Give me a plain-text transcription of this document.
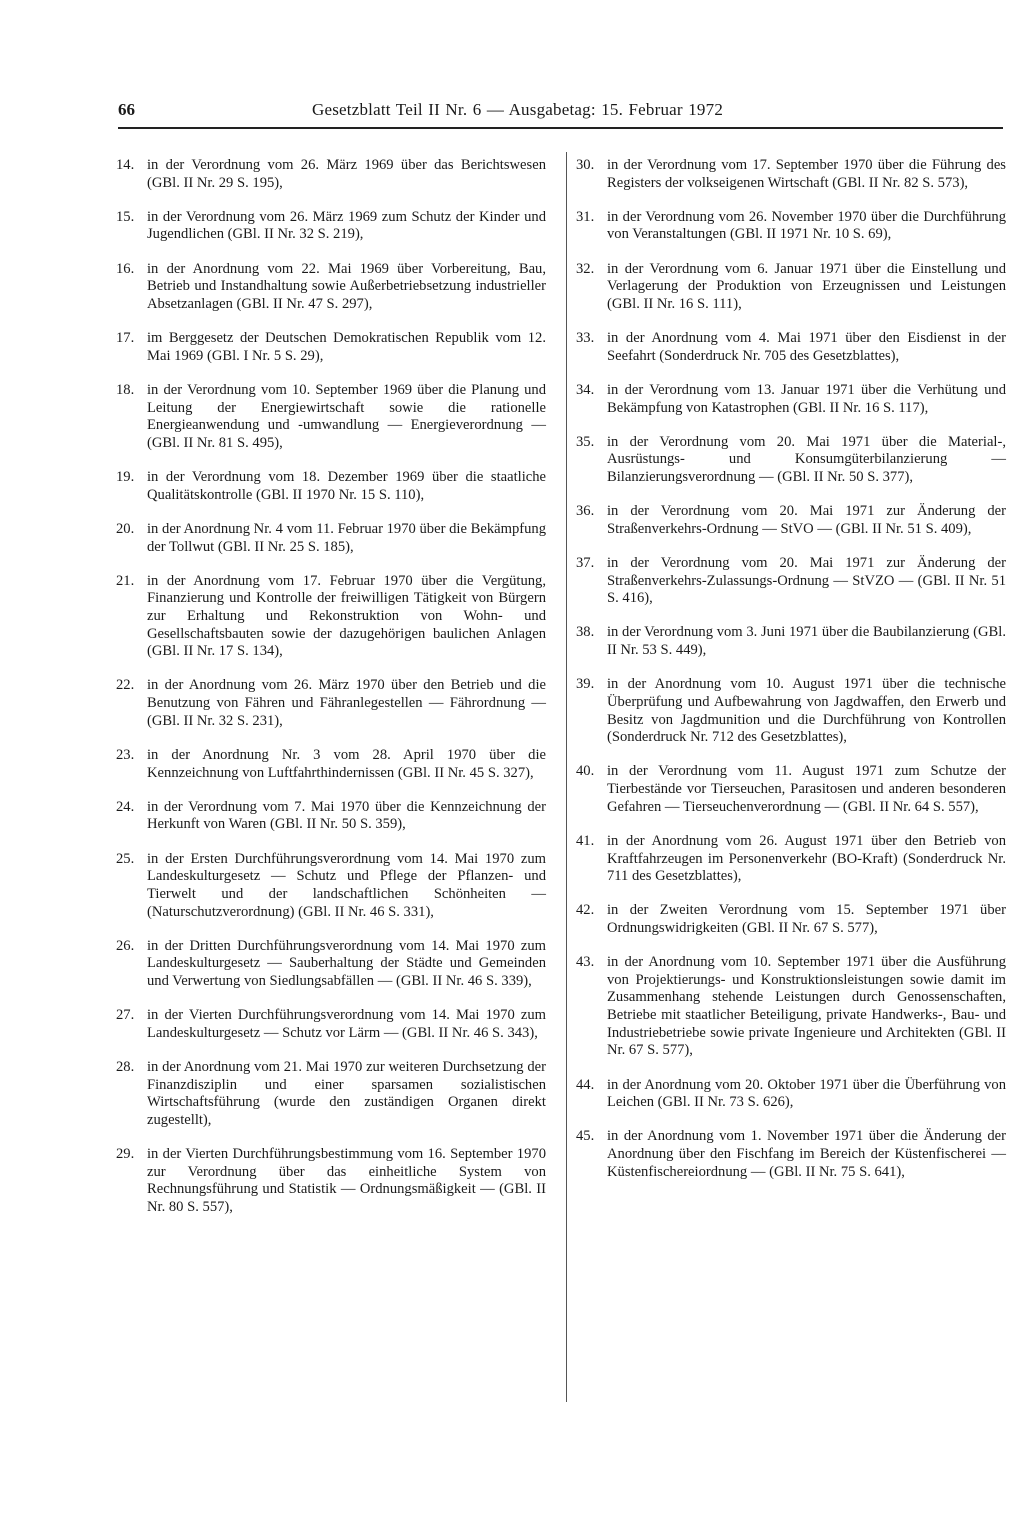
66	Gesetzblatt Teil II Nr. 6 — Ausgabetag: 15. Februar 1972
14. in der Verordnung vom 26. März 1969 über das Berichtswesen (GBl. II Nr. 29 S. 195),
15. in der Verordnung vom 26. März 1969 zum Schutz der Kinder und Jugendlichen (GBl. II Nr. 32 S. 219),
16. in der Anordnung vom 22. Mai 1969 über Vorbereitung, Bau, Betrieb und Instandhaltung sowie Außerbetriebsetzung industrieller Absetzanlagen (GBl. II Nr. 47 S. 297),
17. im Berggesetz der Deutschen Demokratischen Republik vom 12. Mai 1969 (GBl. I Nr. 5 S. 29),
18. in der Verordnung vom 10. September 1969 über die Planung und Leitung der Energiewirtschaft sowie die rationelle Energieanwendung und -umwandlung — Energieverordnung — (GBl. II Nr. 81 S. 495),
19. in der Verordnung vom 18. Dezember 1969 über die staatliche Qualitätskontrolle (GBl. II 1970 Nr. 15 S. 110),
20. in der Anordnung Nr. 4 vom 11. Februar 1970 über die Bekämpfung der Tollwut (GBl. II Nr. 25 S. 185),
21. in der Anordnung vom 17. Februar 1970 über die Vergütung, Finanzierung und Kontrolle der freiwilligen Tätigkeit von Bürgern zur Erhaltung und Rekonstruktion von Wohn- und Gesellschaftsbauten sowie der dazugehörigen baulichen Anlagen (GBl. II Nr. 17 S. 134),
22. in der Anordnung vom 26. März 1970 über den Betrieb und die Benutzung von Fähren und Fähranlegestellen — Fährordnung — (GBl. II Nr. 32 S. 231),
23. in der Anordnung Nr. 3 vom 28. April 1970 über die Kennzeichnung von Luftfahrthindernissen (GBl. II Nr. 45 S. 327),
24. in der Verordnung vom 7. Mai 1970 über die Kennzeichnung der Herkunft von Waren (GBl. II Nr. 50 S. 359),
25. in der Ersten Durchführungsverordnung vom 14. Mai 1970 zum Landeskulturgesetz — Schutz und Pflege der Pflanzen- und Tierwelt und der landschaftlichen Schönheiten — (Naturschutzverordnung) (GBl. II Nr. 46 S. 331),
26. in der Dritten Durchführungsverordnung vom 14. Mai 1970 zum Landeskulturgesetz — Sauberhaltung der Städte und Gemeinden und Verwertung von Siedlungsabfällen — (GBl. II Nr. 46 S. 339),
27. in der Vierten Durchführungsverordnung vom 14. Mai 1970 zum Landeskulturgesetz — Schutz vor Lärm — (GBl. II Nr. 46 S. 343),
28. in der Anordnung vom 21. Mai 1970 zur weiteren Durchsetzung der Finanzdisziplin und einer sparsamen sozialistischen Wirtschaftsführung (wurde den zuständigen Organen direkt zugestellt),
29. in der Vierten Durchführungsbestimmung vom 16. September 1970 zur Verordnung über das einheitliche System von Rechnungsführung und Statistik — Ordnungsmäßigkeit — (GBl. II Nr. 80 S. 557),
30. in der Verordnung vom 17. September 1970 über die Führung des Registers der volkseigenen Wirtschaft (GBl. II Nr. 82 S. 573),
31. in der Verordnung vom 26. November 1970 über die Durchführung von Veranstaltungen (GBl. II 1971 Nr. 10 S. 69),
32. in der Verordnung vom 6. Januar 1971 über die Einstellung und Verlagerung der Produktion von Erzeugnissen und Leistungen (GBl. II Nr. 16 S. 111),
33. in der Anordnung vom 4. Mai 1971 über den Eisdienst in der Seefahrt (Sonderdruck Nr. 705 des Gesetzblattes),
34. in der Verordnung vom 13. Januar 1971 über die Verhütung und Bekämpfung von Katastrophen (GBl. II Nr. 16 S. 117),
35. in der Verordnung vom 20. Mai 1971 über die Material-, Ausrüstungs- und Konsumgüterbilanzierung — Bilanzierungsverordnung — (GBl. II Nr. 50 S. 377),
36. in der Verordnung vom 20. Mai 1971 zur Änderung der Straßenverkehrs-Ordnung — StVO — (GBl. II Nr. 51 S. 409),
37. in der Verordnung vom 20. Mai 1971 zur Änderung der Straßenverkehrs-Zulassungs-Ordnung — StVZO — (GBl. II Nr. 51 S. 416),
38. in der Verordnung vom 3. Juni 1971 über die Baubilanzierung (GBl. II Nr. 53 S. 449),
39. in der Anordnung vom 10. August 1971 über die technische Überprüfung und Aufbewahrung von Jagdwaffen, den Erwerb und Besitz von Jagdmunition und die Durchführung von Kontrollen (Sonderdruck Nr. 712 des Gesetzblattes),
40. in der Verordnung vom 11. August 1971 zum Schutze der Tierbestände vor Tierseuchen, Parasitosen und anderen besonderen Gefahren — Tierseuchenverordnung — (GBl. II Nr. 64 S. 557),
41. in der Anordnung vom 26. August 1971 über den Betrieb von Kraftfahrzeugen im Personenverkehr (BO-Kraft) (Sonderdruck Nr. 711 des Gesetzblattes),
42. in der Zweiten Verordnung vom 15. September 1971 über Ordnungswidrigkeiten (GBl. II Nr. 67 S. 577),
43. in der Anordnung vom 10. September 1971 über die Ausführung von Projektierungs- und Konstruktionsleistungen sowie damit im Zusammenhang stehende Leistungen durch Genossenschaften, Betriebe mit staatlicher Beteiligung, private Handwerks-, Bau- und Industriebetriebe sowie private Ingenieure und Architekten (GBl. II Nr. 67 S. 577),
44. in der Anordnung vom 20. Oktober 1971 über die Überführung von Leichen (GBl. II Nr. 73 S. 626),
45. in der Anordnung vom 1. November 1971 über die Änderung der Anordnung über den Fischfang im Bereich der Küstenfischerei — Küstenfischereiordnung — (GBl. II Nr. 75 S. 641),
